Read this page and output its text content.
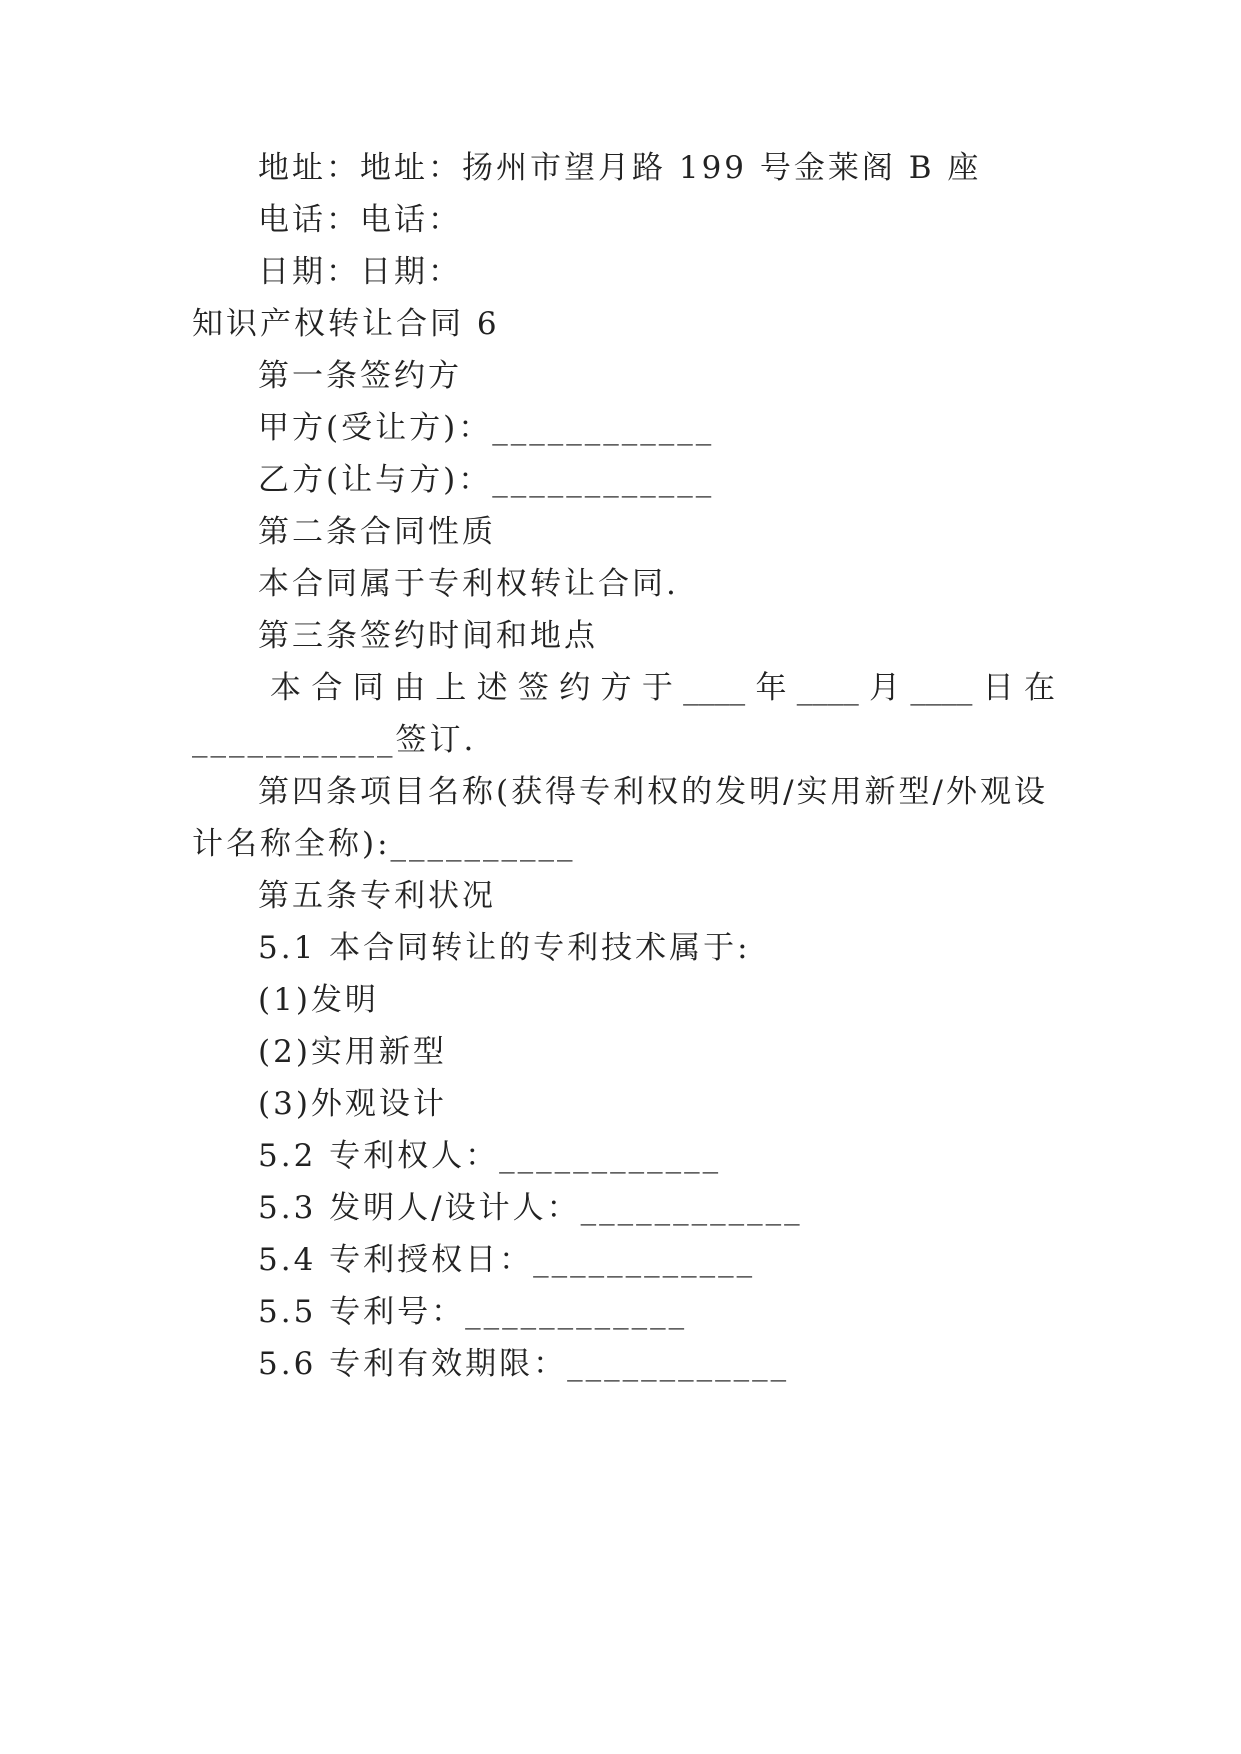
地址：地址：扬州市望月路 199 号金莱阁 B 座
电话：电话：
日期：日期：
知识产权转让合同 6
第一条签约方
甲方(受让方)：____________
乙方(让与方)：____________
第二条合同性质
本合同属于专利权转让合同.
第三条签约时间和地点
本 合 同 由 上 述 签 约 方 于 ____ 年 ____ 月 ____ 日 在
___________签订.
第四条项目名称(获得专利权的发明/实用新型/外观设
计名称全称):__________
第五条专利状况
5.1 本合同转让的专利技术属于:
(1)发明
(2)实用新型
(3)外观设计
5.2 专利权人：____________
5.3 发明人/设计人：____________
5.4 专利授权日：____________
5.5 专利号：____________
5.6 专利有效期限：____________
